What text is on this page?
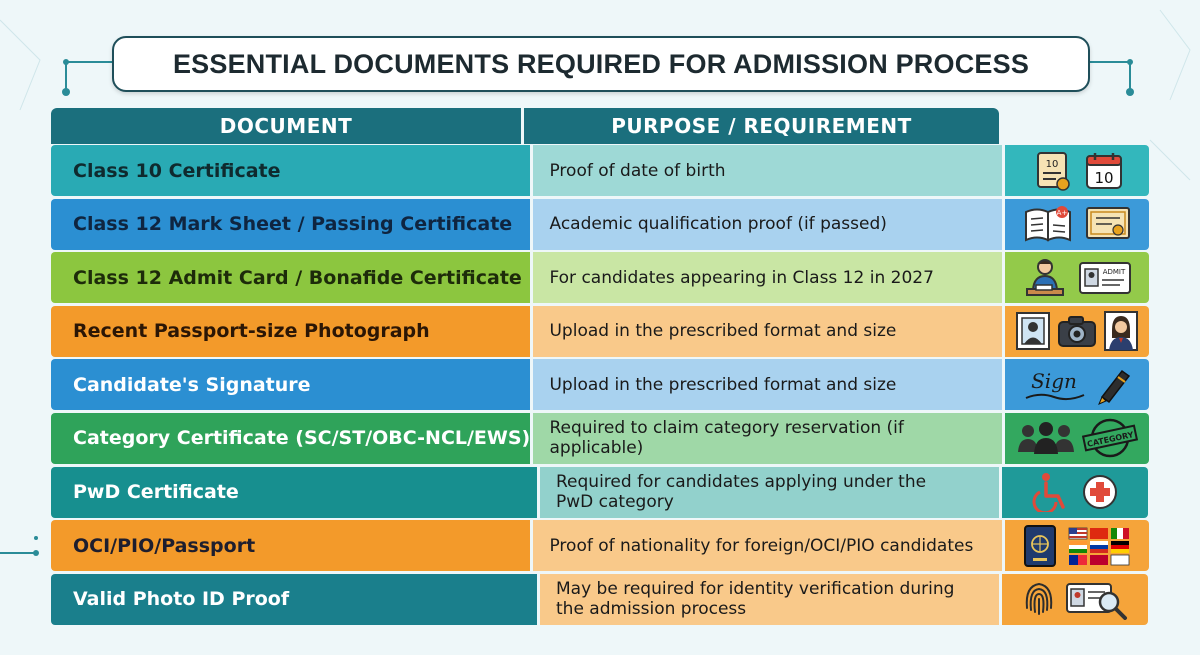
ESSENTIAL DOCUMENTS REQUIRED FOR ADMISSION PROCESS
DOCUMENT	PURPOSE / REQUIREMENT
Class 10 Certificate	Proof of date of birth	10
10
Class 12 Mark Sheet / Passing Certificate	Academic qualification proof (if passed)
A+
Class 12 Admit Card / Bonafide Certificate	For candidates appearing in Class 12 in 2027	ADMIT
Recent Passport-size Photograph	Upload in the prescribed format and size
Candidate's Signature	Upload in the prescribed format and size	Sign
Category Certificate (SC/ST/OBC-NCL/EWS)	Required to claim category reservation (if applicable)	CATEGORY
PwD Certificate	Required for candidates applying under the PwD category
OCI/PIO/Passport	Proof of nationality for foreign/OCI/PIO candidates
Valid Photo ID Proof	May be required for identity verification during the admission process
